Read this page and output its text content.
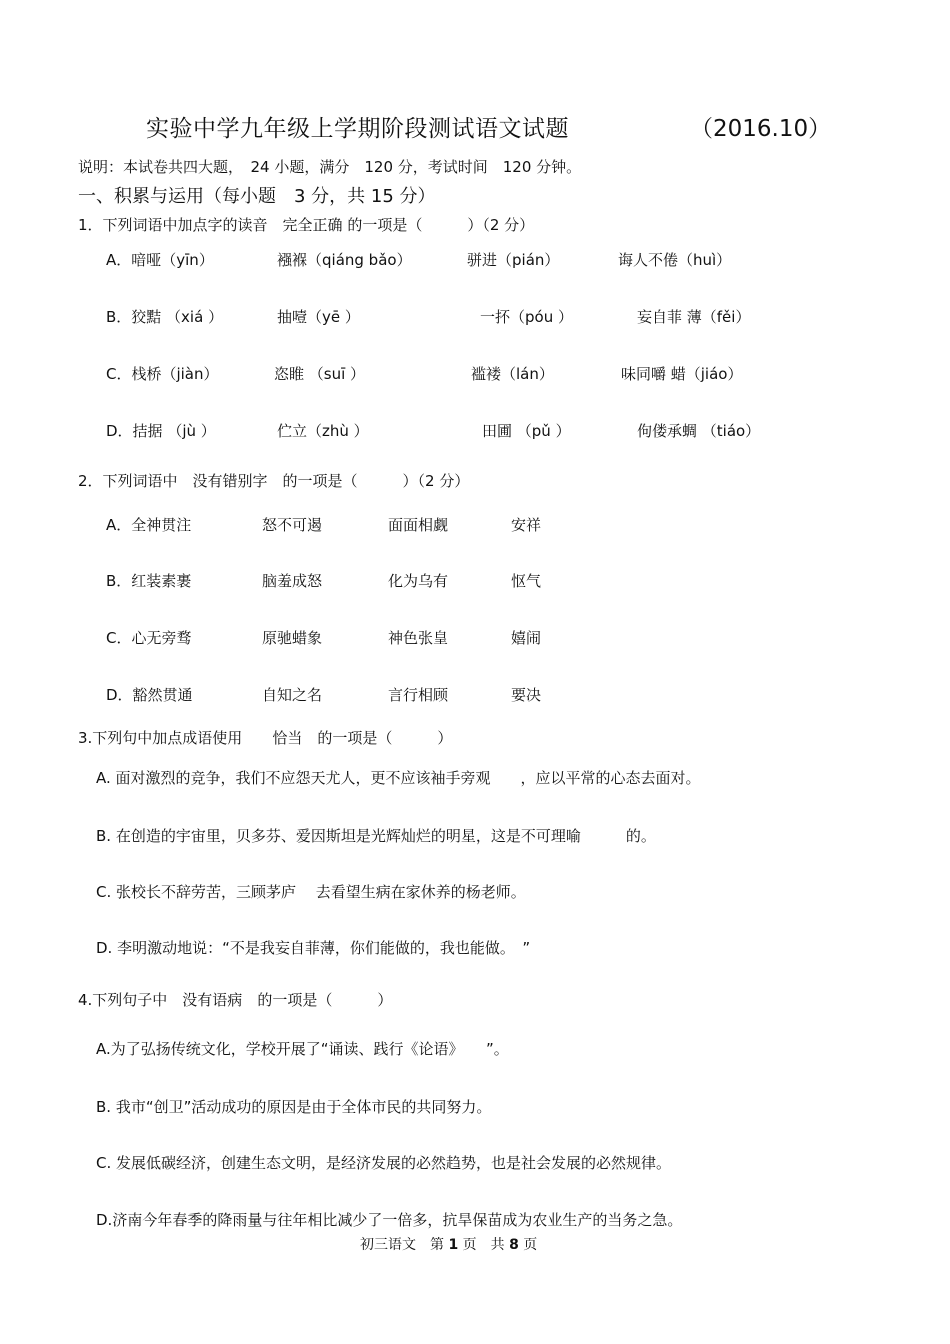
实验中学九年级上学期阶段测试语文试题	（2016.10）
说明：本试卷共四大题，　24 小题，满分　120 分，考试时间　120 分钟。
一、积累与运用（每小题　3 分，共 15 分）
1．下列词语中加点字的读音　完全正确 的一项是（　　　）（2 分）
A．喑哑（yīn）	襁褓（qiáng bǎo）	骈进（pián）	诲人不倦（huì）
B．狡黠 （xiá ）	抽噎（yē ）	一抔（póu ）	妄自菲 薄（fěi）
C．栈桥（jiàn）	恣睢 （suī ）	褴褛（lán）	味同嚼 蜡（jiáo）
D．拮据 （jù ）	伫立（zhù ）	田圃 （pǔ ）	佝偻承蜩 （tiáo）
2．下列词语中　没有错别字　的一项是（　　　）（2 分）
A．全神贯注	怒不可遏	面面相觑	安祥
B．红装素裹	脑羞成怒	化为乌有	怄气
C．心无旁骛	原驰蜡象	神色张皇	嬉闹
D．豁然贯通	自知之名	言行相顾	要决
3.下列句中加点成语使用　　恰当　的一项是（　　　）
A. 面对激烈的竞争，我们不应怨天尤人，更不应该袖手旁观　　，应以平常的心态去面对。
B. 在创造的宇宙里，贝多芬、爱因斯坦是光辉灿烂的明星，这是不可理喻　　　的。
C. 张校长不辞劳苦，三顾茅庐　 去看望生病在家休养的杨老师。
D. 李明激动地说：“不是我妄自菲薄，你们能做的，我也能做。　”
4.下列句子中　没有语病　的一项是（　　　）
A.为了弘扬传统文化，学校开展了“诵读、践行《论语》　　”。
B. 我市“创卫”活动成功的原因是由于全体市民的共同努力。
C. 发展低碳经济，创建生态文明，是经济发展的必然趋势，也是社会发展的必然规律。
D.济南今年春季的降雨量与往年相比减少了一倍多，抗旱保苗成为农业生产的当务之急。
初三语文　第 1 页　共 8 页
